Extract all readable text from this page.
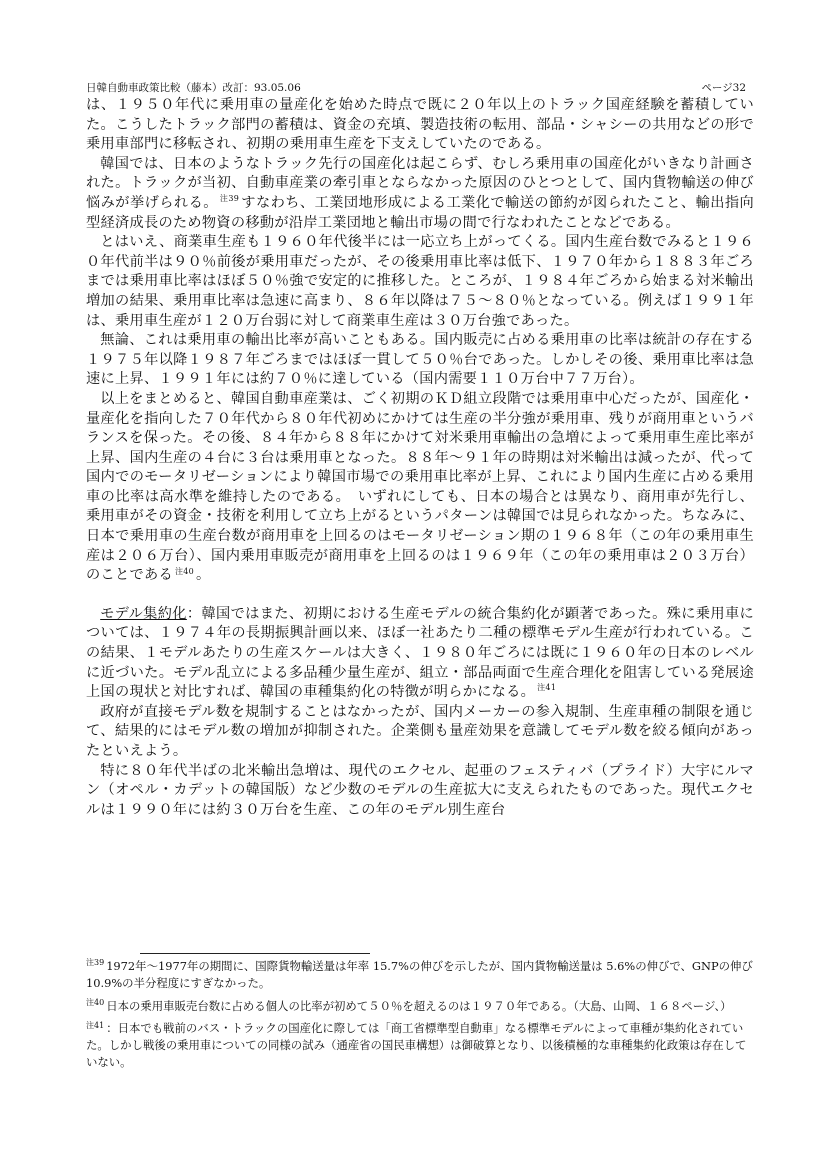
日韓自動車政策比較（藤本）改訂：93.05.06	ページ32

は、１９５０年代に乗用車の量産化を始めた時点で既に２０年以上のトラック国産経験を蓄積していた。こうしたトラック部門の蓄積は、資金の充填、製造技術の転用、部品・シャシーの共用などの形で乗用車部門に移転され、初期の乗用車生産を下支えしていたのである。

韓国では、日本のようなトラック先行の国産化は起こらず、むしろ乗用車の国産化がいきなり計画された。トラックが当初、自動車産業の牽引車とならなかった原因のひとつとして、国内貨物輸送の伸び悩みが挙げられる。 $^{注39}$ すなわち、工業団地形成による工業化で輸送の節約が図られたこと、輸出指向型経済成長のため物資の移動が沿岸工業団地と輸出市場の間で行なわれたことなどである。

とはいえ、商業車生産も１９６０年代後半には一応立ち上がってくる。国内生産台数でみると１９６０年代前半は９０％前後が乗用車だったが、その後乗用車比率は低下、１９７０年から１８８３年ごろまでは乗用車比率はほぼ５０％強で安定的に推移した。ところが、１９８４年ごろから始まる対米輸出増加の結果、乗用車比率は急速に高まり、８６年以降は７５～８０％となっている。例えば１９９１年は、乗用車生産が１２０万台弱に対して商業車生産は３０万台強であった。

無論、これは乗用車の輸出比率が高いこともある。国内販売に占める乗用車の比率は統計の存在する１９７５年以降１９８７年ごろまではほぼ一貫して５０％台であった。しかしその後、乗用車比率は急速に上昇、１９９１年には約７０％に達している（国内需要１１０万台中７７万台）。

以上をまとめると、韓国自動車産業は、ごく初期のＫＤ組立段階では乗用車中心だったが、国産化・量産化を指向した７０年代から８０年代初めにかけては生産の半分強が乗用車、残りが商用車というバランスを保った。その後、８４年から８８年にかけて対米乗用車輸出の急増によって乗用車生産比率が上昇、国内生産の４台に３台は乗用車となった。８８年～９１年の時期は対米輸出は減ったが、代って国内でのモータリゼーションにより韓国市場での乗用車比率が上昇、これにより国内生産に占める乗用車の比率は高水準を維持したのである。　いずれにしても、日本の場合とは異なり、商用車が先行し、乗用車がその資金・技術を利用して立ち上がるというパターンは韓国では見られなかった。ちなみに、日本で乗用車の生産台数が商用車を上回るのはモータリゼーション期の１９６８年（この年の乗用車生産は２０６万台）、国内乗用車販売が商用車を上回るのは１９６９年（この年の乗用車は２０３万台）のことである $^{注40}$ 。

モデル集約化：韓国ではまた、初期における生産モデルの統合集約化が顕著であった。殊に乗用車については、１９７４年の長期振興計画以来、ほぼ一社あたり二種の標準モデル生産が行われている。この結果、１モデルあたりの生産スケールは大きく、１９８０年ごろには既に１９６０年の日本のレベルに近づいた。モデル乱立による多品種少量生産が、組立・部品両面で生産合理化を阻害している発展途上国の現状と対比すれば、韓国の車種集約化の特徴が明らかになる。 $^{注41}$

政府が直接モデル数を規制することはなかったが、国内メーカーの参入規制、生産車種の制限を通じて、結果的にはモデル数の増加が抑制された。企業側も量産効果を意識してモデル数を絞る傾向があったといえよう。

特に８０年代半ばの北米輸出急増は、現代のエクセル、起亜のフェスティバ（プライド）大宇にルマン（オペル・カデットの韓国版）など少数のモデルの生産拡大に支えられたものであった。現代エクセルは１９９０年には約３０万台を生産、この年のモデル別生産台

$^{注39}$ 1972年～1977年の期間に、国際貨物輸送量は年率 15.7%の伸びを示したが、国内貨物輸送量は 5.6%の伸びで、GNPの伸び10.9%の半分程度にすぎなかった。

$^{注40}$ 日本の乗用車販売台数に占める個人の比率が初めて５０％を超えるのは１９７０年である。（大島、山岡、１６８ページ、）

$^{注41}$ ：日本でも戦前のバス・トラックの国産化に際しては「商工省標準型自動車」なる標準モデルによって車種が集約化されていた。しかし戦後の乗用車についての同様の試み（通産省の国民車構想）は御破算となり、以後積極的な車種集約化政策は存在していない。
